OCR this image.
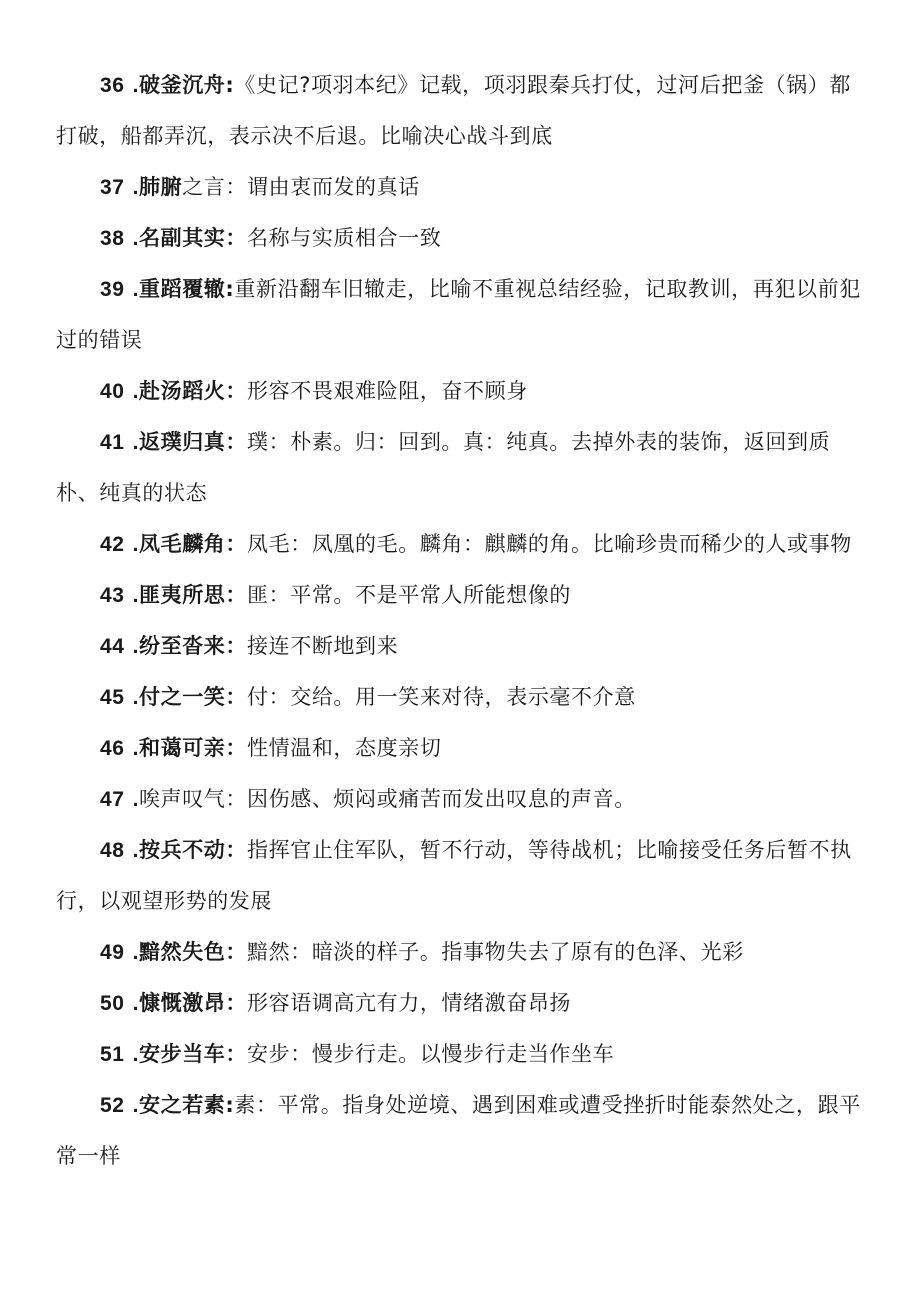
36 .破釜沉舟:《史记?项羽本纪》记载，项羽跟秦兵打仗，过河后把釜（锅）都打破，船都弄沉，表示决不后退。比喻决心战斗到底

37 .肺腑之言：谓由衷而发的真话

38 .名副其实：名称与实质相合一致

39 .重蹈覆辙:重新沿翻车旧辙走，比喻不重视总结经验，记取教训，再犯以前犯过的错误

40 .赴汤蹈火：形容不畏艰难险阻，奋不顾身

41 .返璞归真：璞：朴素。归：回到。真：纯真。去掉外表的装饰，返回到质朴、纯真的状态

42 .凤毛麟角：凤毛：凤凰的毛。麟角：麒麟的角。比喻珍贵而稀少的人或事物

43 .匪夷所思：匪：平常。不是平常人所能想像的

44 .纷至沓来：接连不断地到来

45 .付之一笑：付：交给。用一笑来对待，表示毫不介意

46 .和蔼可亲：性情温和，态度亲切

47 .唉声叹气：因伤感、烦闷或痛苦而发出叹息的声音。

48 .按兵不动：指挥官止住军队，暂不行动，等待战机；比喻接受任务后暂不执行，以观望形势的发展

49 .黯然失色：黯然：暗淡的样子。指事物失去了原有的色泽、光彩

50 .慷慨激昂：形容语调高亢有力，情绪激奋昂扬

51 .安步当车：安步：慢步行走。以慢步行走当作坐车

52 .安之若素:素：平常。指身处逆境、遇到困难或遭受挫折时能泰然处之，跟平常一样
